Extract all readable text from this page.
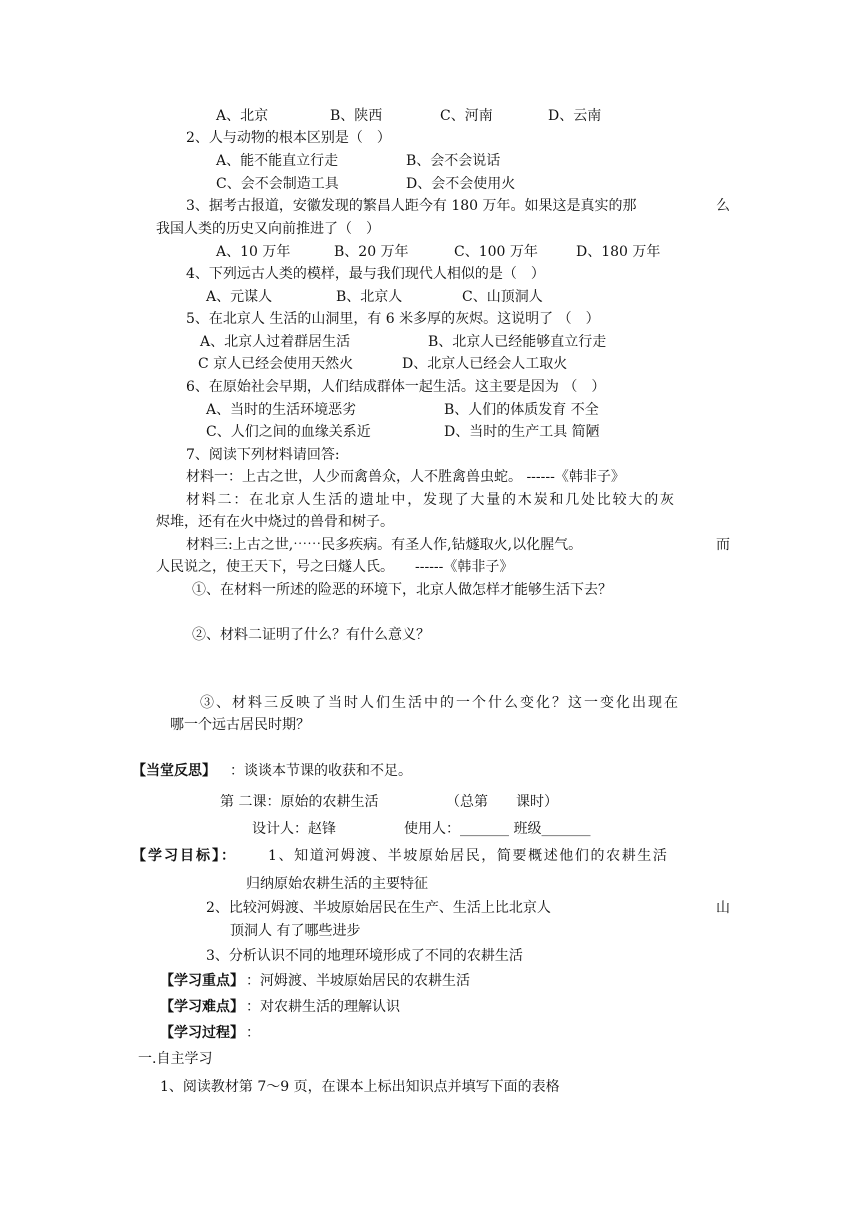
A、北京	B、陕西	C、河南	D、云南
2、人与动物的根本区别是（　）
A、能不能直立行走	B、会不会说话
C、会不会制造工具	D、会不会使用火
3、据考古报道，安徽发现的繁昌人距今有 180 万年。如果这是真实的那	么
我国人类的历史又向前推进了（　）
A、10 万年	B、20 万年	C、100 万年	D、180 万年
4、下列远古人类的模样，最与我们现代人相似的是（　）
A、元谋人	B、北京人	C、山顶洞人
5、在北京人 生活的山洞里，有 6 米多厚的灰烬。这说明了 （　）
A、北京人过着群居生活	B、北京人已经能够直立行走
C 京人已经会使用天然火	D、北京人已经会人工取火
6、在原始社会早期，人们结成群体一起生活。这主要是因为 （　）
A、当时的生活环境恶劣	B、人们的体质发育 不全
C、人们之间的血缘关系近	D、当时的生产工具 简陋
7、阅读下列材料请回答:
材料一：上古之世，人少而禽兽众，人不胜禽兽虫蛇。 ------《韩非子》
材料二：在北京人生活的遗址中，发现了大量的木炭和几处比较大的灰
烬堆，还有在火中烧过的兽骨和树子。
材料三:上古之世,⋯⋯民多疾病。有圣人作,钻燧取火,以化腥气。	而
人民说之，使王天下，号之曰燧人氏。　　------《韩非子》
①、在材料一所述的险恶的环境下，北京人做怎样才能够生活下去？
②、材料二证明了什么？有什么意义？
③、材料三反映了当时人们生活中的一个什么变化？这一变化出现在
哪一个远古居民时期？
【当堂反思】 ：谈谈本节课的收获和不足。
第 二课：原始的农耕生活	（总第　　课时）
设计人：赵锋	使用人：_______ 班级_______
【学习目标】： 1、知道河姆渡、半坡原始居民，简要概述他们的农耕生活
归纳原始农耕生活的主要特征
2、比较河姆渡、半坡原始居民在生产、生活上比北京人	山
顶洞人 有了哪些进步
3、分析认识不同的地理环境形成了不同的农耕生活
【学习重点】 ：河姆渡、半坡原始居民的农耕生活
【学习难点】 ：对农耕生活的理解认识
【学习过程】 ：
一.自主学习
1、阅读教材第 7～9 页，在课本上标出知识点并填写下面的表格
